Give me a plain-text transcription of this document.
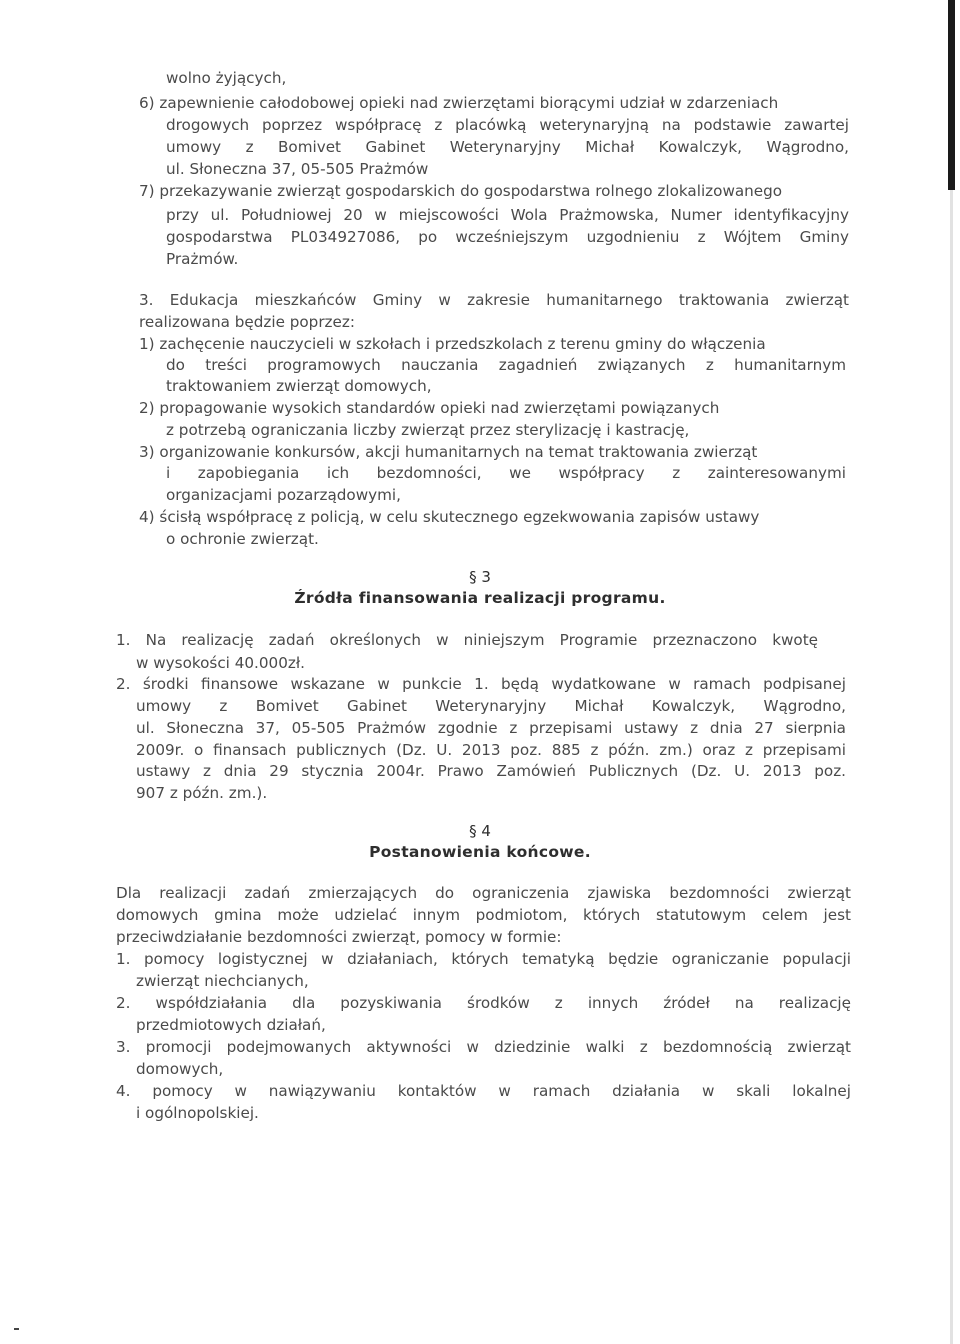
wolno żyjących,
6) zapewnienie całodobowej opieki nad zwierzętami biorącymi udział w zdarzeniach
drogowych poprzez współpracę z placówką weterynaryjną na podstawie zawartej
umowy z Bomivet Gabinet Weterynaryjny Michał Kowalczyk, Wągrodno,
ul. Słoneczna 37, 05-505 Prażmów
7) przekazywanie zwierząt gospodarskich do gospodarstwa rolnego zlokalizowanego
przy ul. Południowej 20 w miejscowości Wola Prażmowska, Numer identyfikacyjny
gospodarstwa PL034927086, po wcześniejszym uzgodnieniu z Wójtem Gminy
Prażmów.
3. Edukacja mieszkańców Gminy w zakresie humanitarnego traktowania zwierząt
realizowana będzie poprzez:
1) zachęcenie nauczycieli w szkołach i przedszkolach z terenu gminy do włączenia
do treści programowych nauczania zagadnień związanych z humanitarnym
traktowaniem zwierząt domowych,
2) propagowanie wysokich standardów opieki nad zwierzętami powiązanych
z potrzebą ograniczania liczby zwierząt przez sterylizację i kastrację,
3) organizowanie konkursów, akcji humanitarnych na temat traktowania zwierząt
i zapobiegania ich bezdomności, we współpracy z zainteresowanymi
organizacjami pozarządowymi,
4) ścisłą współpracę z policją, w celu skutecznego egzekwowania zapisów ustawy
o ochronie zwierząt.
§ 3
Źródła finansowania realizacji programu.
1. Na realizację zadań określonych w niniejszym Programie przeznaczono kwotę
w wysokości 40.000zł.
2. środki finansowe wskazane w punkcie 1. będą wydatkowane w ramach podpisanej
umowy z Bomivet Gabinet Weterynaryjny Michał Kowalczyk, Wągrodno,
ul. Słoneczna 37, 05-505 Prażmów zgodnie z przepisami ustawy z dnia 27 sierpnia
2009r. o finansach publicznych (Dz. U. 2013 poz. 885 z późn. zm.) oraz z przepisami
ustawy z dnia 29 stycznia 2004r. Prawo Zamówień Publicznych (Dz. U. 2013 poz.
907 z późn. zm.).
§ 4
Postanowienia końcowe.
Dla realizacji zadań zmierzających do ograniczenia zjawiska bezdomności zwierząt
domowych gmina może udzielać innym podmiotom, których statutowym celem jest
przeciwdziałanie bezdomności zwierząt, pomocy w formie:
1. pomocy logistycznej w działaniach, których tematyką będzie ograniczanie populacji
zwierząt niechcianych,
2. współdziałania dla pozyskiwania środków z innych źródeł na realizację
przedmiotowych działań,
3. promocji podejmowanych aktywności w dziedzinie walki z bezdomnością zwierząt
domowych,
4. pomocy w nawiązywaniu kontaktów w ramach działania w skali lokalnej
i ogólnopolskiej.
